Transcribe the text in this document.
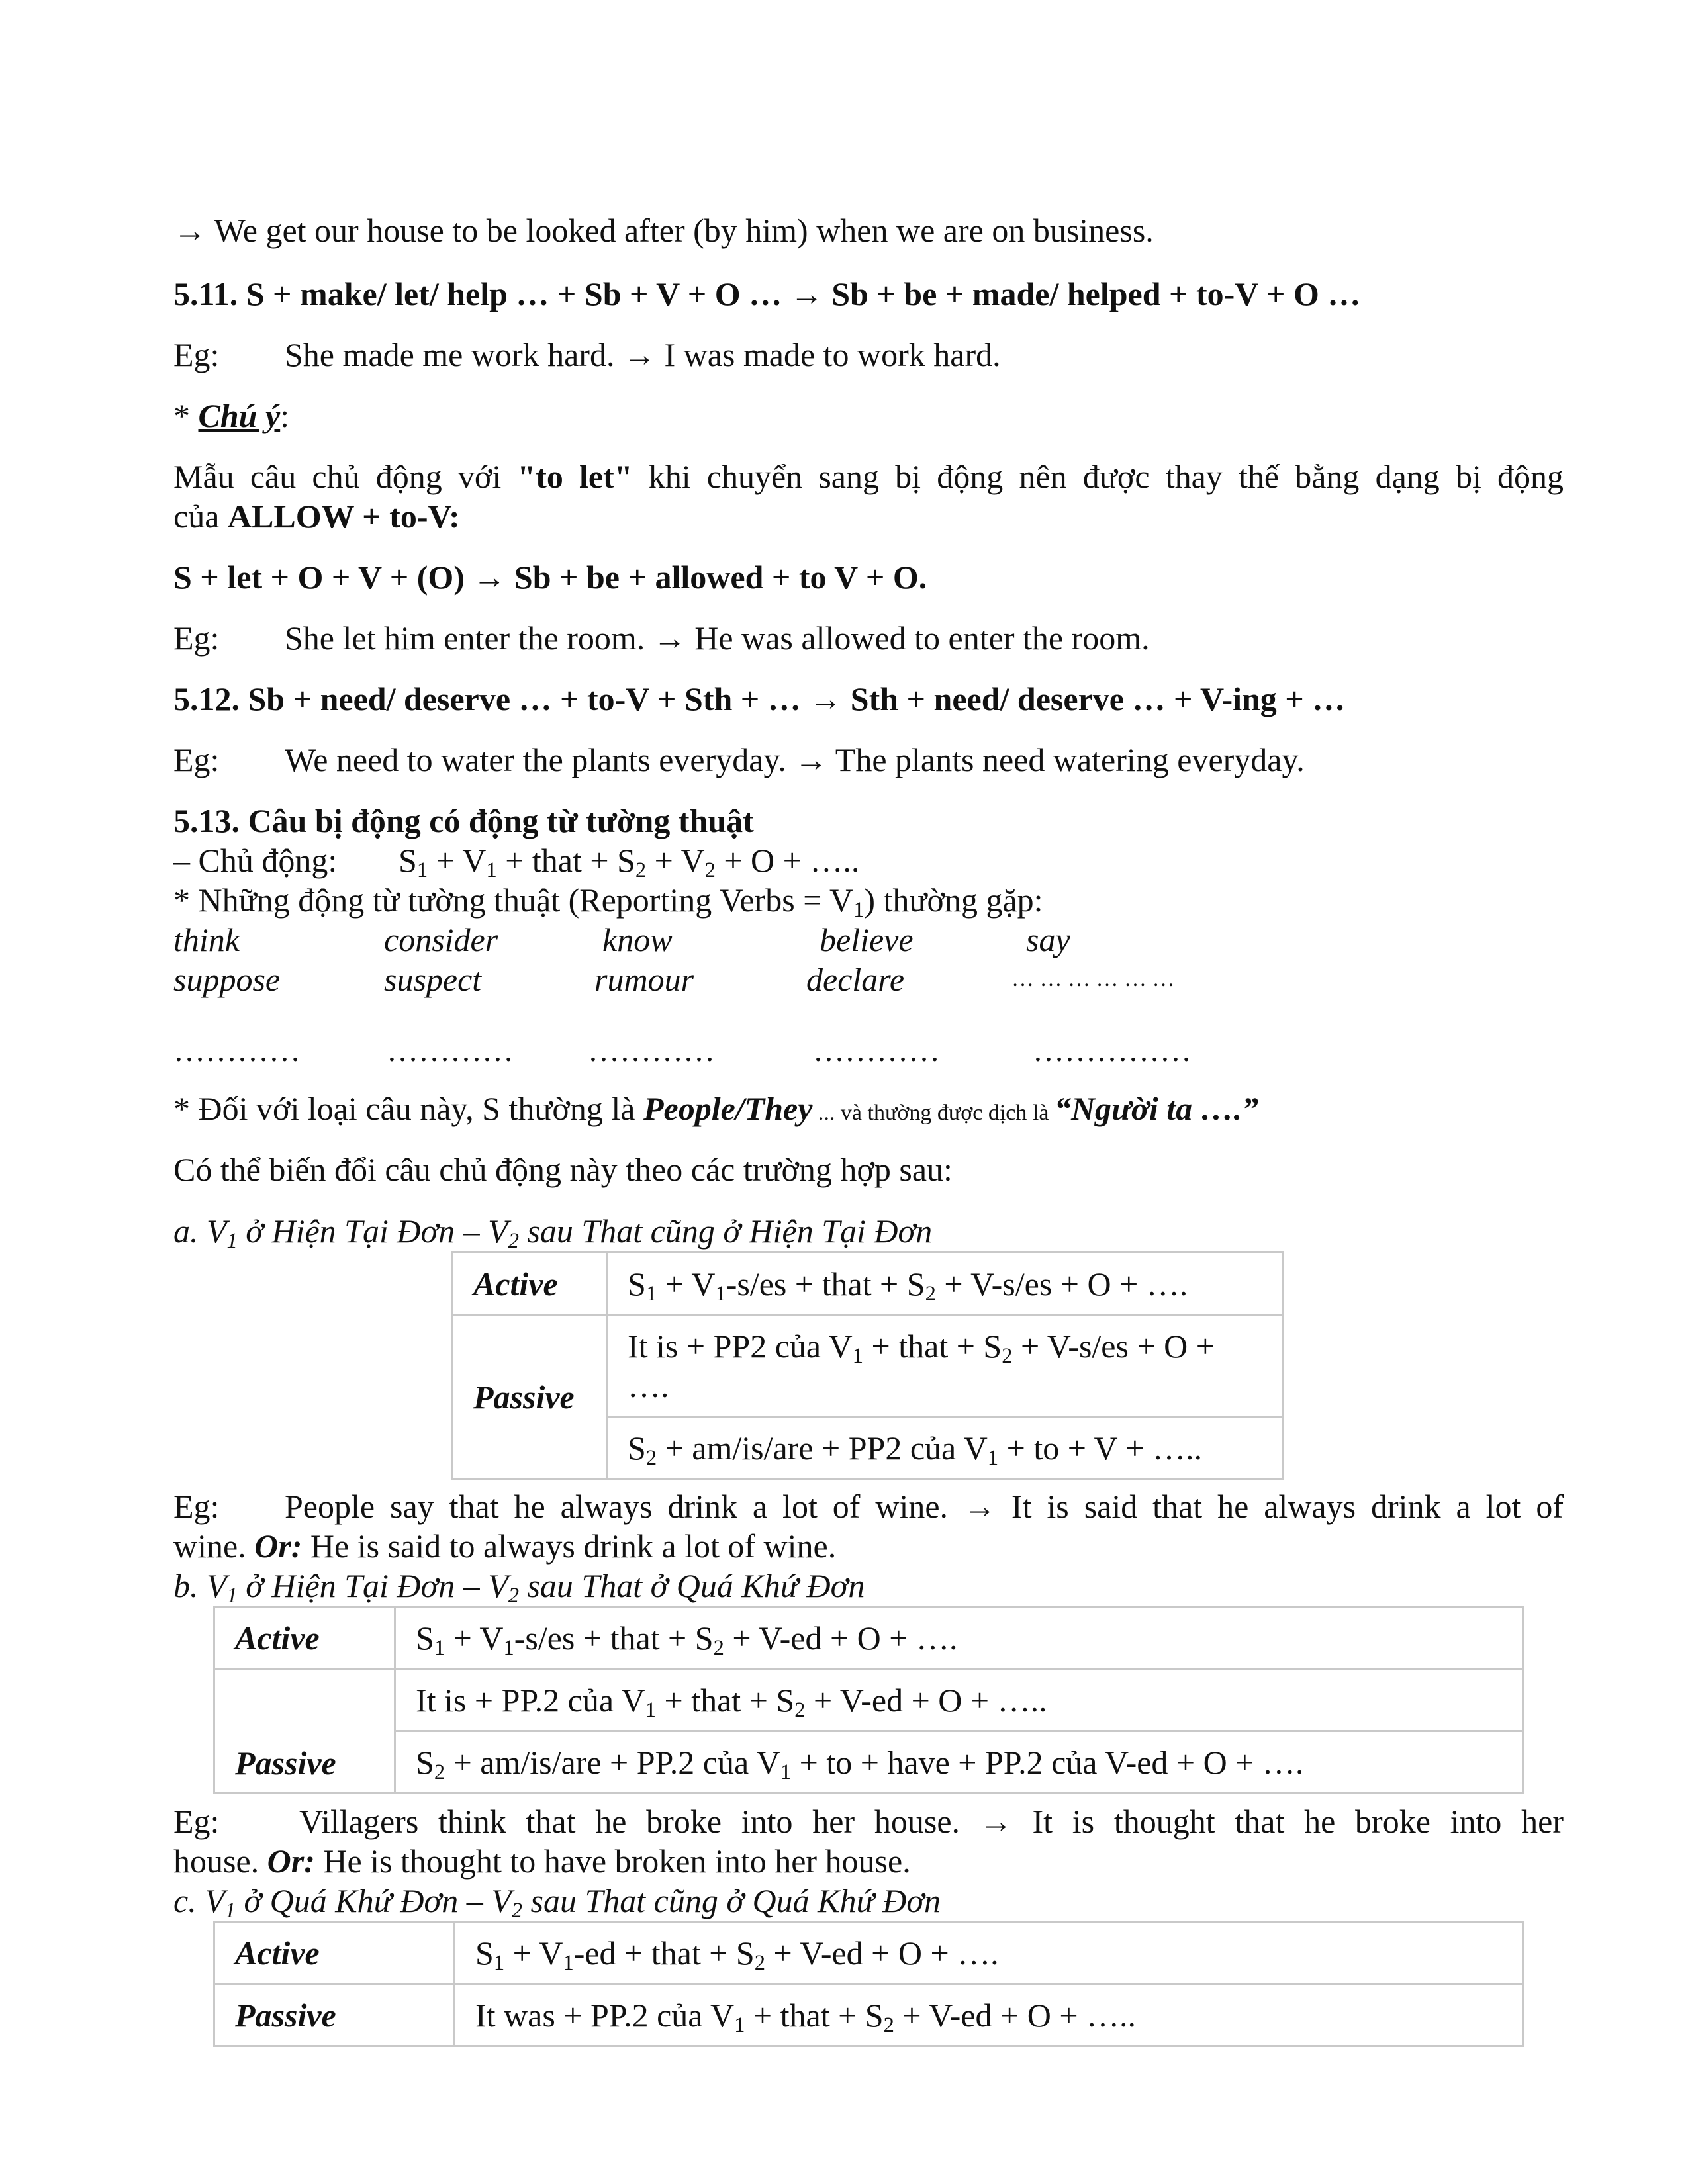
→ We get our house to be looked after (by him) when we are on business.

5.11. S + make/ let/ help … + Sb + V + O … → Sb + be + made/ helped + to-V + O …

Eg: She made me work hard. → I was made to work hard.

* Chú ý:

Mẫu câu chủ động với "to let" khi chuyển sang bị động nên được thay thế bằng dạng bị động

của ALLOW + to-V:

S + let + O + V + (O) → Sb + be + allowed + to V + O.

Eg: She let him enter the room. → He was allowed to enter the room.

5.12. Sb + need/ deserve … + to-V + Sth + … → Sth + need/ deserve … + V-ing + …

Eg: We need to water the plants everyday. → The plants need watering everyday.

5.13. Câu bị động có động từ tường thuật

– Chủ động: $S_1 + V_1$ + that + $S_2 + V_2 + O$ + …..

* Những động từ tường thuật (Reporting Verbs = $V_1$) thường gặp:

think	consider	know	believe	say

suppose	suspect	rumour	declare	… … … … … …

…………	………… …………	…………	……………

* Đối với loại câu này, S thường là People/They ... và thường được dịch là “Người ta ….”

Có thể biến đổi câu chủ động này theo các trường hợp sau:

a. $V_1$ ở Hiện Tại Đơn – $V_2$ sau That cũng ở Hiện Tại Đơn

Active	$S_1 + V_1-s/es$ + that + $S_2 + V-s/es + O$ + ….
Passive	It is + PP2 của $V_1$ + that + $S_2 + V-s/es + O$ +
….
	$S_2 + am/is/are + PP2$ của $V_1$ + to + V + …..

Eg: People say that he always drink a lot of wine. → It is said that he always drink a lot of

wine. Or: He is said to always drink a lot of wine.

b. $V_1$ ở Hiện Tại Đơn – $V_2$ sau That ở Quá Khứ Đơn

Active	$S_1 + V_1-s/es$ + that + $S_2 + V-ed + O$ + ….
Passive	It is + PP.2 của $V_1$ + that + $S_2 + V-ed + O$ + …..
	$S_2 + am/is/are + PP.2$ của $V_1$ + to + have + PP.2 của V-ed + O + ….

Eg: Villagers think that he broke into her house. → It is thought that he broke into her

house. Or: He is thought to have broken into her house.

c. $V_1$ ở Quá Khứ Đơn – $V_2$ sau That cũng ở Quá Khứ Đơn

Active	$S_1 + V_1-ed$ + that + $S_2 + V-ed + O$ + ….
Passive	It was + PP.2 của $V_1$ + that + $S_2 + V-ed + O$ + …..
